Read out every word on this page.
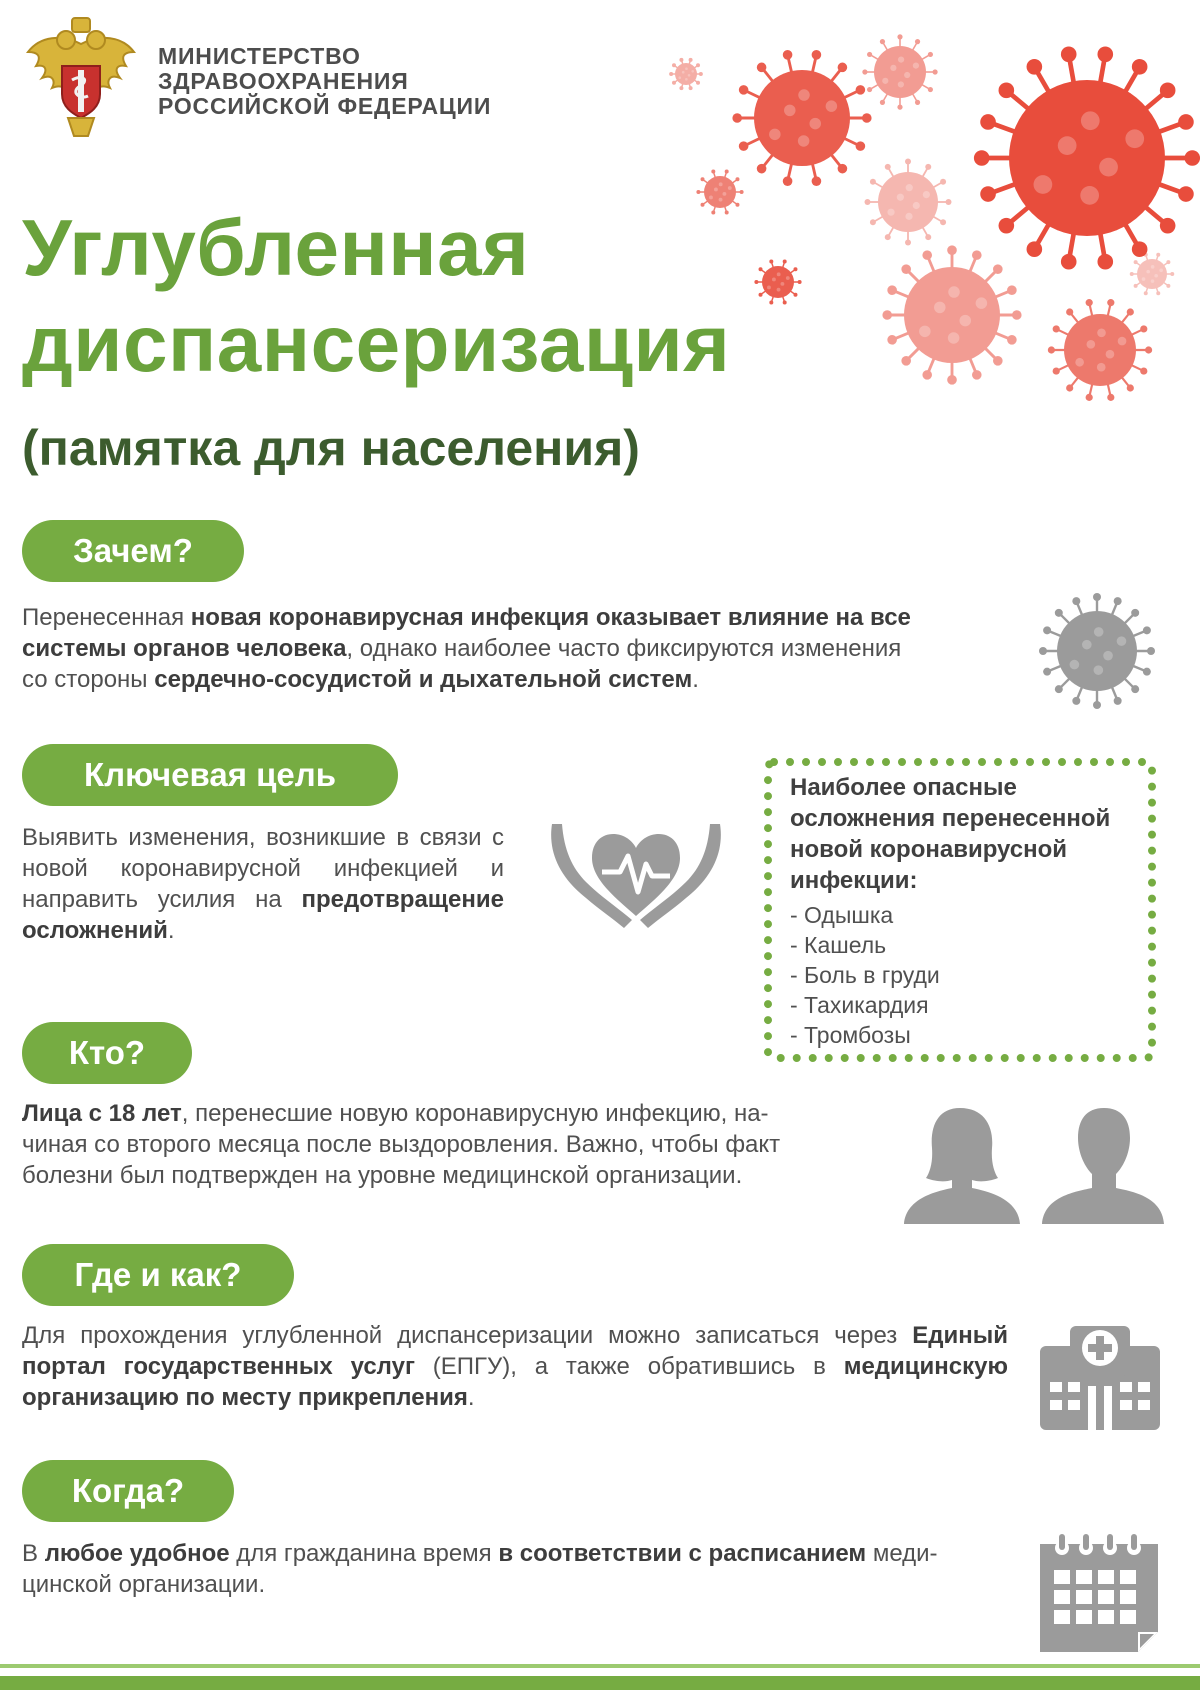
МИНИСТЕРСТВО
ЗДРАВООХРАНЕНИЯ
РОССИЙСКОЙ ФЕДЕРАЦИИ
Углубленная
диспансеризация
(памятка для населения)
Зачем?
Перенесенная новая коронавирусная инфекция оказывает влияние на все
системы органов человека, однако наиболее часто фиксируются изменения
со стороны сердечно-сосудистой и дыхательной систем.
Ключевая цель
Выявить изменения, возникшие в связи с новой коронавирусной инфекцией и направить усилия на предотвращение осложнений.
Наиболее опасные
осложнения перенесенной
новой коронавирусной
инфекции:
- Одышка
- Кашель
- Боль в груди
- Тахикардия
- Тромбозы
Кто?
Лица с 18 лет, перенесшие новую коронавирусную инфекцию, на-
чиная со второго месяца после выздоровления. Важно, чтобы факт
болезни был подтвержден на уровне медицинской организации.
Где и как?
Для прохождения углубленной диспансеризации можно записаться через Единый портал государственных услуг (ЕПГУ), а также обратившись в медицинскую организацию по месту прикрепления.
Когда?
В любое удобное для гражданина время в соответствии с расписанием меди-
цинской организации.
